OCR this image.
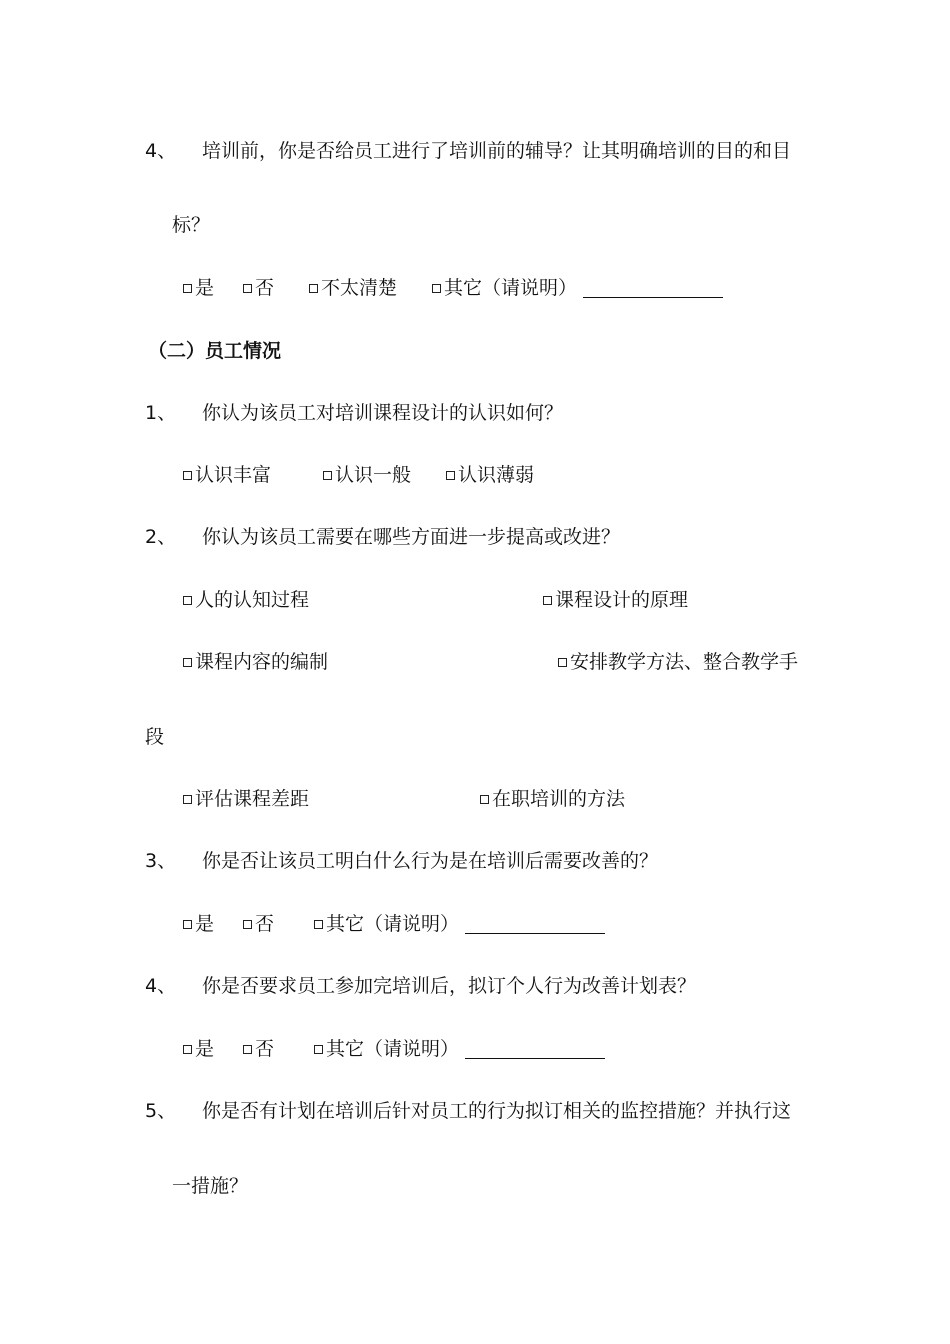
4、 培训前，你是否给员工进行了培训前的辅导？让其明确培训的目的和目
标？
是	否	不太清楚	其它（请说明）
（二）员工情况
1、 你认为该员工对培训课程设计的认识如何？
认识丰富	认识一般	认识薄弱
2、 你认为该员工需要在哪些方面进一步提高或改进？
人的认知过程	课程设计的原理
课程内容的编制	安排教学方法、整合教学手
段
评估课程差距	在职培训的方法
3、 你是否让该员工明白什么行为是在培训后需要改善的？
是	否	其它（请说明）
4、 你是否要求员工参加完培训后，拟订个人行为改善计划表？
是	否	其它（请说明）
5、 你是否有计划在培训后针对员工的行为拟订相关的监控措施？并执行这
一措施？
